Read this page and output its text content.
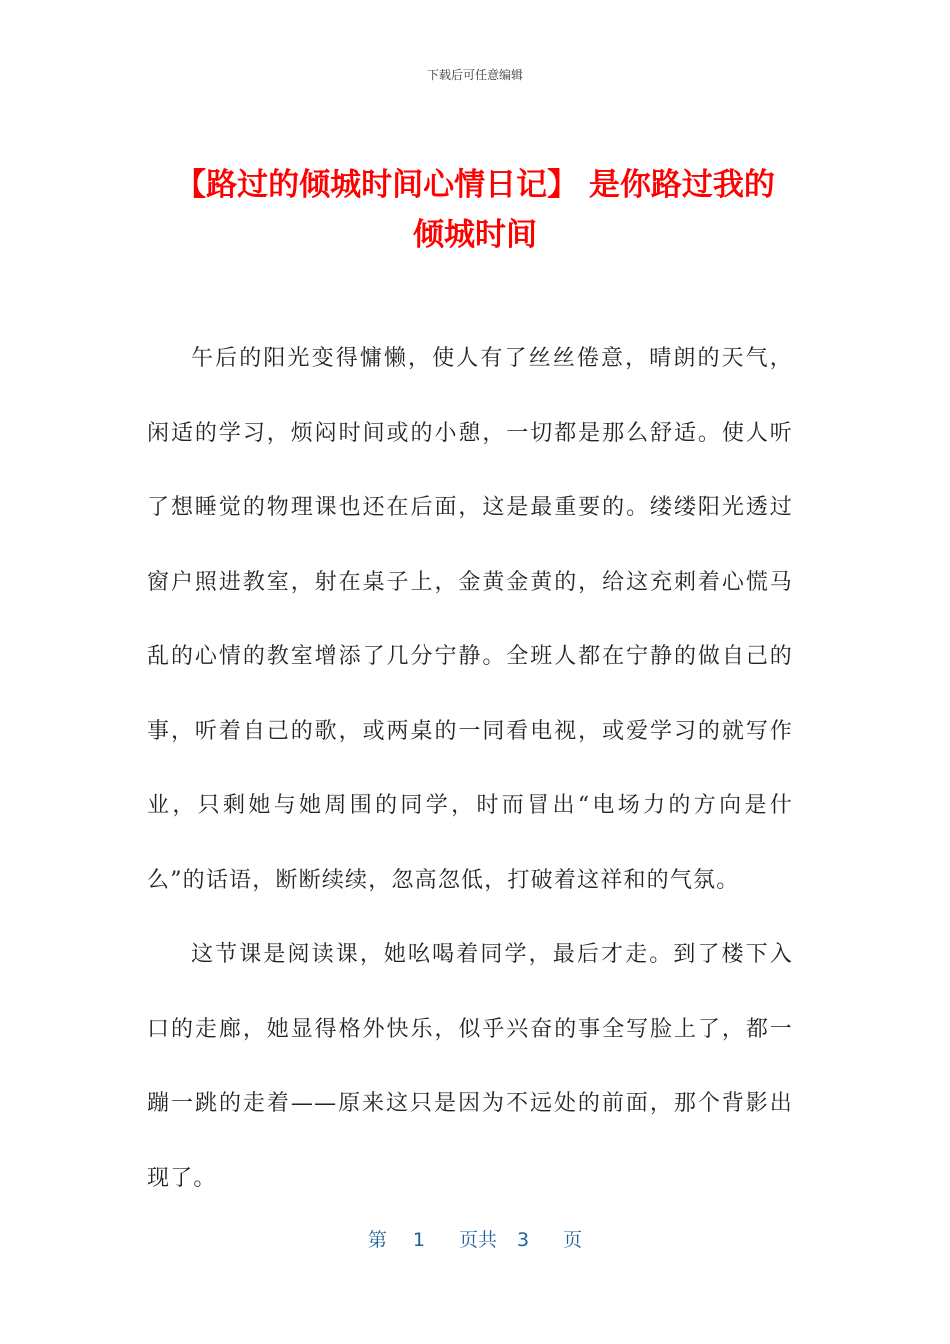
下载后可任意编辑
【路过的倾城时间心情日记】 是你路过我的
倾城时间

午后的阳光变得慵懒，使人有了丝丝倦意，晴朗的天气，闲适的学习，烦闷时间或的小憩，一切都是那么舒适。使人听了想睡觉的物理课也还在后面，这是最重要的。缕缕阳光透过窗户照进教室，射在桌子上，金黄金黄的，给这充刺着心慌马乱的心情的教室增添了几分宁静。全班人都在宁静的做自己的事，听着自己的歌，或两桌的一同看电视，或爱学习的就写作业，只剩她与她周围的同学，时而冒出“电场力的方向是什么”的话语，断断续续，忽高忽低，打破着这祥和的气氛。

这节课是阅读课，她吆喝着同学，最后才走。到了楼下入口的走廊，她显得格外快乐，似乎兴奋的事全写脸上了，都一蹦一跳的走着——原来这只是因为不远处的前面，那个背影出现了。

第 1 页共 3 页
